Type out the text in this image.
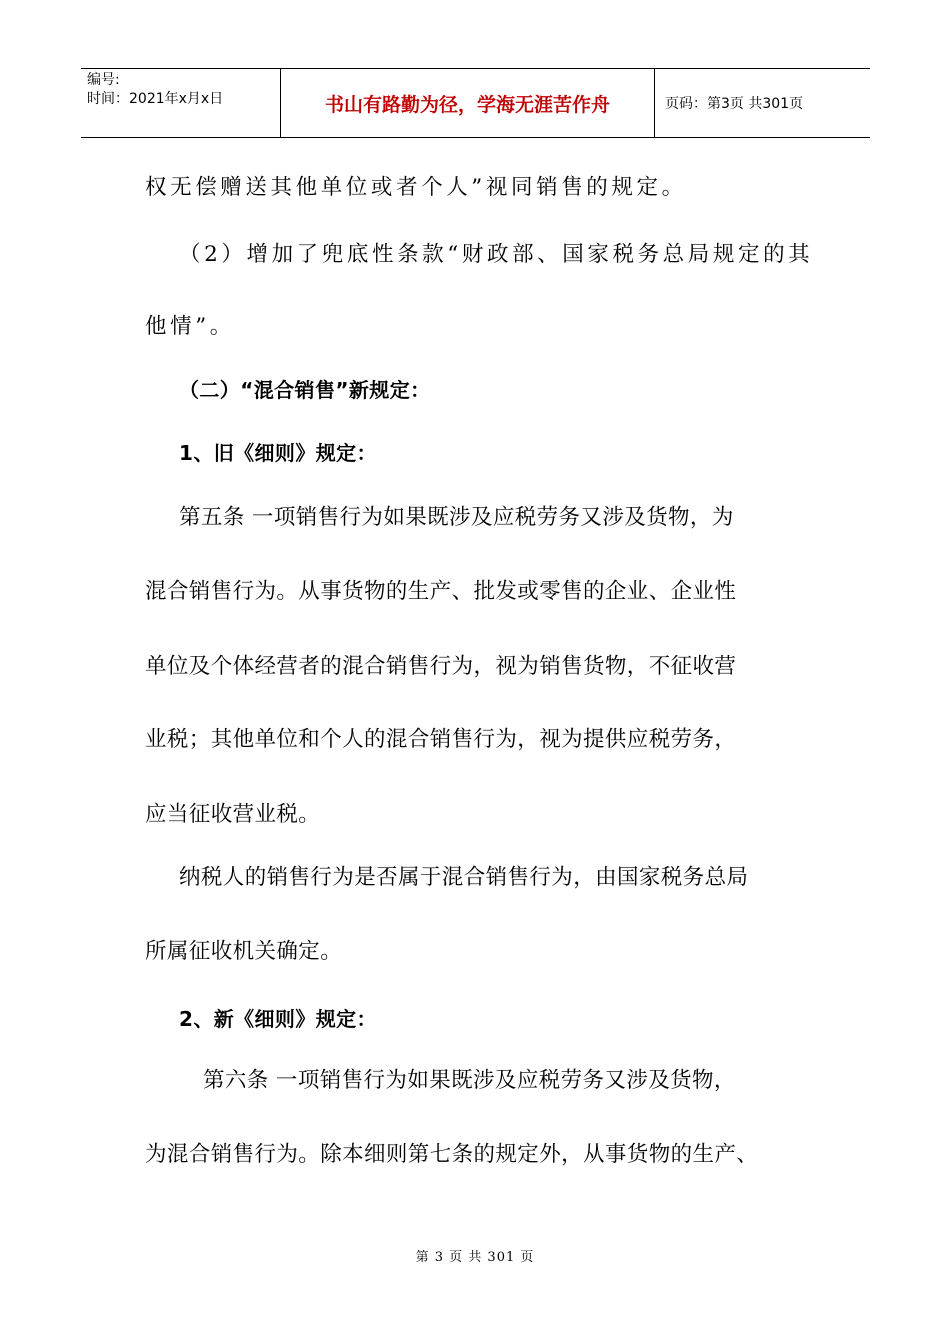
编号:
时间：2021年x月x日	书山有路勤为径，学海无涯苦作舟	页码：第3页 共301页
权无偿赠送其他单位或者个人”视同销售的规定。
（2）增加了兜底性条款“财政部、国家税务总局规定的其
他情”。
（二）“混合销售”新规定：
1、旧《细则》规定：
第五条 一项销售行为如果既涉及应税劳务又涉及货物，为
混合销售行为。从事货物的生产、批发或零售的企业、企业性
单位及个体经营者的混合销售行为，视为销售货物，不征收营
业税；其他单位和个人的混合销售行为，视为提供应税劳务，
应当征收营业税。
纳税人的销售行为是否属于混合销售行为，由国家税务总局
所属征收机关确定。
2、新《细则》规定：
第六条 一项销售行为如果既涉及应税劳务又涉及货物，
为混合销售行为。除本细则第七条的规定外，从事货物的生产、
第 3 页 共 301 页
